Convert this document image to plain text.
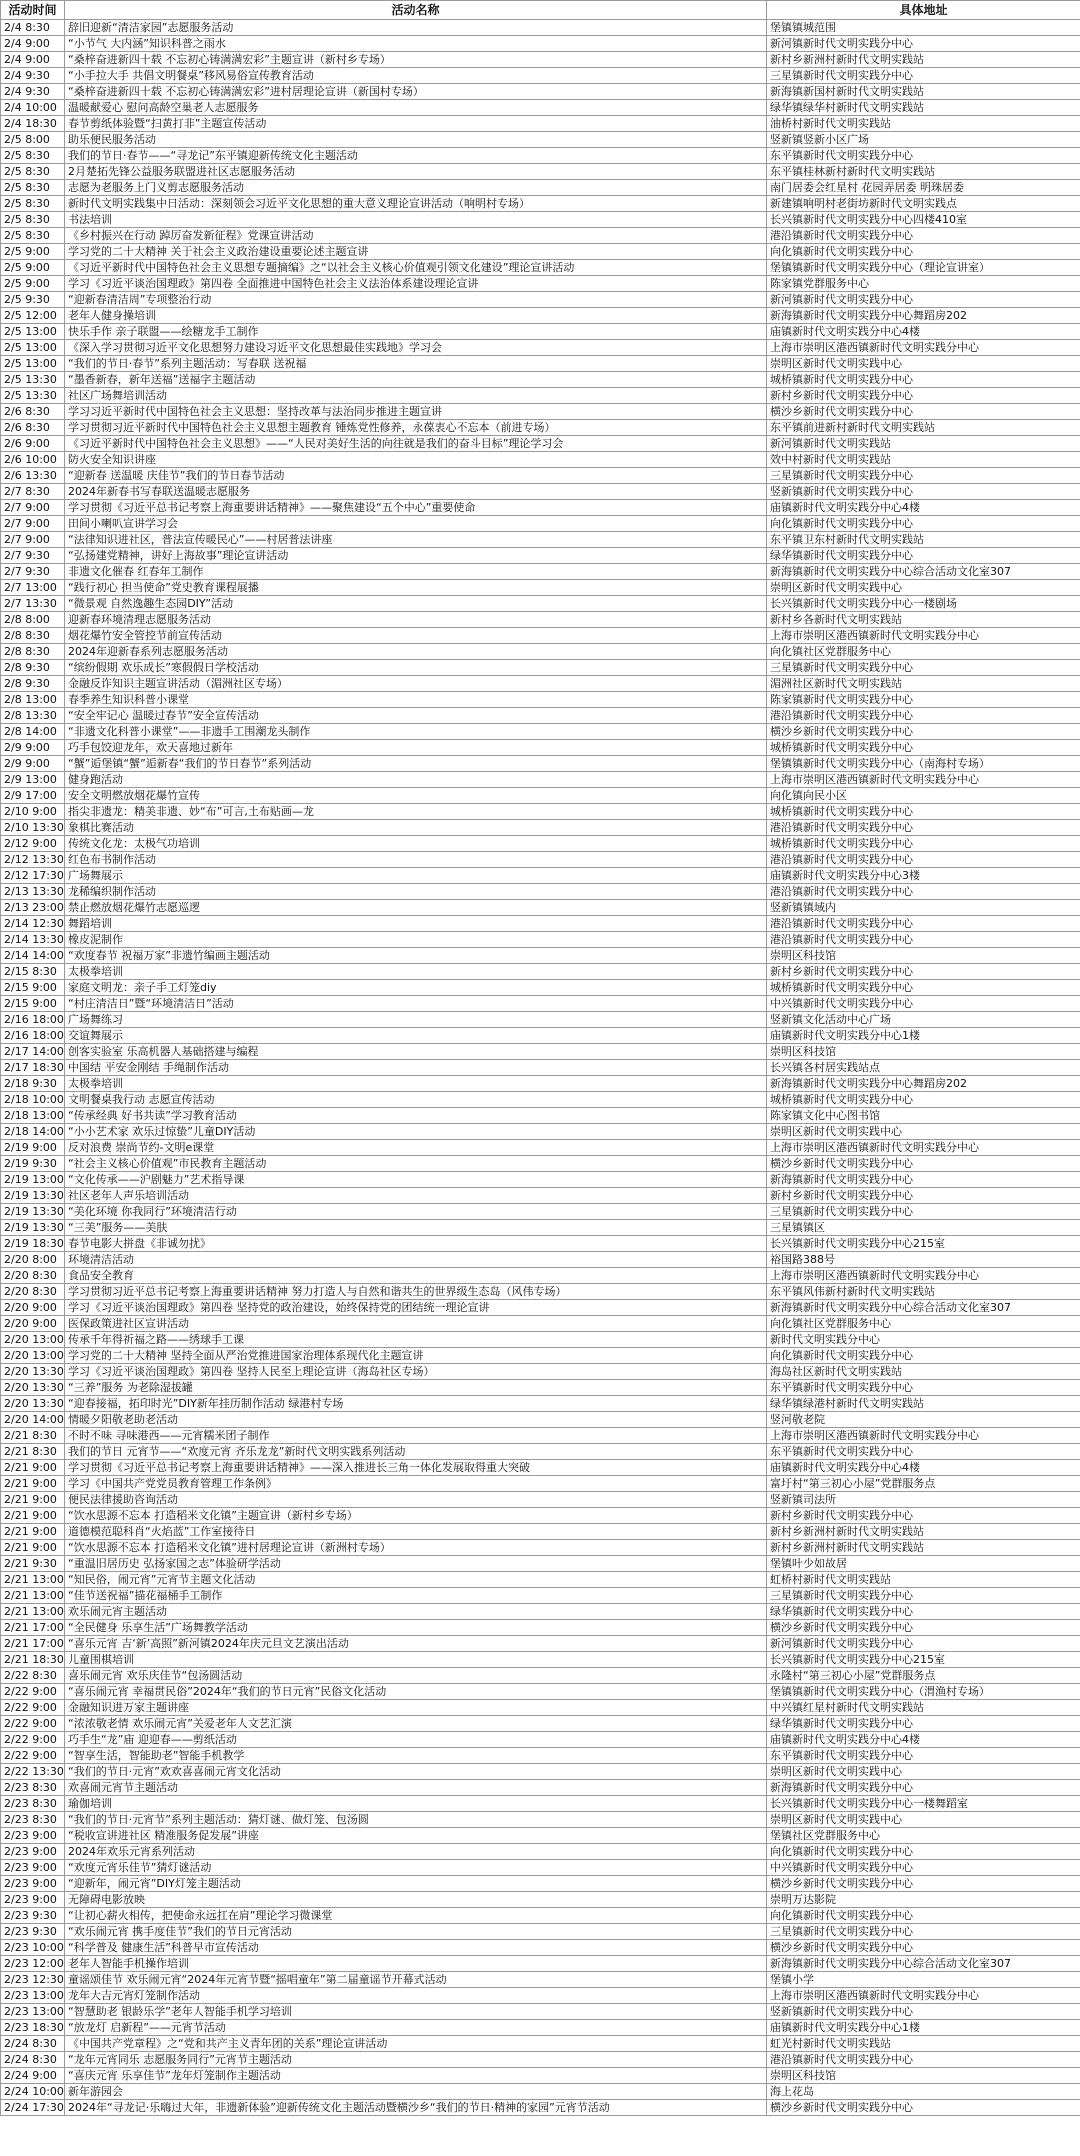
活动时间	活动名称	具体地址
2/4 8:30	辞旧迎新“清洁家园”志愿服务活动	堡镇镇城范围
2/4 9:00	“小节气 大内涵”知识科普之雨水	新河镇新时代文明实践分中心
2/4 9:00	“桑梓奋进新四十载 不忘初心铸满满宏彩”主题宣讲（新村乡专场）	新村乡新洲村新时代文明实践站
2/4 9:30	“小手拉大手 共倡文明餐桌”移风易俗宣传教育活动	三星镇新时代文明实践分中心
2/4 9:30	“桑梓奋进新四十载 不忘初心铸满满宏彩”进村居理论宣讲（新国村专场）	新海镇新国村新时代文明实践站
2/4 10:00	温暖献爱心 慰问高龄空巢老人志愿服务	绿华镇绿华村新时代文明实践站
2/4 18:30	春节剪纸体验暨“扫黄打非”主题宣传活动	油桥村新时代文明实践站
2/5 8:00	助乐便民服务活动	竖新镇竖新小区广场
2/5 8:30	我们的节日·春节——“寻龙记”东平镇迎新传统文化主题活动	东平镇新时代文明实践分中心
2/5 8:30	2月楚拓先锋公益服务联盟进社区志愿服务活动	东平镇桂林新村新时代文明实践站
2/5 8:30	志愿为老服务上门义剪志愿服务活动	南门居委会红星村 花园弄居委 明珠居委
2/5 8:30	新时代文明实践集中日活动：深刻领会习近平文化思想的重大意义理论宣讲活动（响明村专场）	新建镇响明村老街坊新时代文明实践点
2/5 8:30	书法培训	长兴镇新时代文明实践分中心四楼410室
2/5 8:30	《乡村振兴在行动 踔厉奋发新征程》党课宣讲活动	港沿镇新时代文明实践分中心
2/5 9:00	学习党的二十大精神 关于社会主义政治建设重要论述主题宣讲	向化镇新时代文明实践分中心
2/5 9:00	《习近平新时代中国特色社会主义思想专题摘编》之“以社会主义核心价值观引领文化建设”理论宣讲活动	堡镇镇新时代文明实践分中心（理论宣讲室）
2/5 9:00	学习《习近平谈治国理政》第四卷 全面推进中国特色社会主义法治体系建设理论宣讲	陈家镇党群服务中心
2/5 9:30	“迎新春清洁周”专项整治行动	新河镇新时代文明实践分中心
2/5 12:00	老年人健身操培训	新海镇新时代文明实践分中心舞蹈房202
2/5 13:00	快乐手作 亲子联盟——绘糖龙手工制作	庙镇新时代文明实践分中心4楼
2/5 13:00	《深入学习贯彻习近平文化思想努力建设习近平文化思想最佳实践地》学习会	上海市崇明区港西镇新时代文明实践分中心
2/5 13:00	“我们的节日·春节”系列主题活动：写春联 送祝福	崇明区新时代文明实践中心
2/5 13:30	“墨香新春，新年送福”送福字主题活动	城桥镇新时代文明实践分中心
2/5 13:30	社区广场舞培训活动	新村乡新时代文明实践分中心
2/6 8:30	学习习近平新时代中国特色社会主义思想：坚持改革与法治同步推进主题宣讲	横沙乡新时代文明实践分中心
2/6 8:30	学习贯彻习近平新时代中国特色社会主义思想主题教育 锤炼党性修养，永葆衷心不忘本（前进专场）	东平镇前进新村新时代文明实践站
2/6 9:00	《习近平新时代中国特色社会主义思想》——“人民对美好生活的向往就是我们的奋斗目标”理论学习会	新河镇新时代文明实践站
2/6 10:00	防火安全知识讲座	效中村新时代文明实践站
2/6 13:30	“迎新春 送温暖 庆佳节”我们的节日春节活动	三星镇新时代文明实践分中心
2/7 8:30	2024年新春书写春联送温暖志愿服务	竖新镇新时代文明实践分中心
2/7 9:00	学习贯彻《习近平总书记考察上海重要讲话精神》——聚焦建设“五个中心”重要使命	庙镇新时代文明实践分中心4楼
2/7 9:00	田间小喇叭宣讲学习会	向化镇新时代文明实践分中心
2/7 9:00	“法律知识进社区，普法宣传暖民心”——村居普法讲座	东平镇卫东村新时代文明实践站
2/7 9:30	“弘扬建党精神，讲好上海故事”理论宣讲活动	绿华镇新时代文明实践分中心
2/7 9:30	非遗文化催春 红春年工制作	新海镇新时代文明实践分中心综合活动文化室307
2/7 13:00	“践行初心 担当使命”党史教育课程展播	崇明区新时代文明实践中心
2/7 13:30	“微景观 自然逸趣生态园DIY”活动	长兴镇新时代文明实践分中心一楼剧场
2/8 8:00	迎新春环境清理志愿服务活动	新村乡各新时代文明实践站
2/8 8:30	烟花爆竹安全管控节前宣传活动	上海市崇明区港西镇新时代文明实践分中心
2/8 8:30	2024年迎新春系列志愿服务活动	向化镇社区党群服务中心
2/8 9:30	“缤纷假期 欢乐成长”寒假假日学校活动	三星镇新时代文明实践分中心
2/8 9:30	金融反诈知识主题宣讲活动（湄洲社区专场）	湄洲社区新时代文明实践站
2/8 13:00	春季养生知识科普小课堂	陈家镇新时代文明实践分中心
2/8 13:30	“安全牢记心 温暖过春节”安全宣传活动	港沿镇新时代文明实践分中心
2/8 14:00	“非遗文化科普小课堂”——非遗手工围潮龙头制作	横沙乡新时代文明实践分中心
2/9 9:00	巧手包饺迎龙年，欢天喜地过新年	城桥镇新时代文明实践分中心
2/9 9:00	“蟹”逅堡镇“蟹”逅新春“我们的节日春节”系列活动	堡镇镇新时代文明实践分中心（南海村专场）
2/9 13:00	健身跑活动	上海市崇明区港西镇新时代文明实践分中心
2/9 17:00	安全文明燃放烟花爆竹宣传	向化镇向民小区
2/10 9:00	指尖非遗龙：精美非遗、妙“布”可言,土布贴画—龙	城桥镇新时代文明实践分中心
2/10 13:30	象棋比赛活动	港沿镇新时代文明实践分中心
2/12 9:00	传统文化龙：太极气功培训	城桥镇新时代文明实践分中心
2/12 13:30	红色布书制作活动	港沿镇新时代文明实践分中心
2/12 17:30	广场舞展示	庙镇新时代文明实践分中心3楼
2/13 13:30	龙稀编织制作活动	港沿镇新时代文明实践分中心
2/13 23:00	禁止燃放烟花爆竹志愿巡逻	竖新镇镇域内
2/14 12:30	舞蹈培训	港沿镇新时代文明实践分中心
2/14 13:30	橡皮泥制作	港沿镇新时代文明实践分中心
2/14 14:00	“欢度春节 祝福万家”非遗竹编画主题活动	崇明区科技馆
2/15 8:30	太极拳培训	新村乡新时代文明实践分中心
2/15 9:00	家庭文明龙：亲子手工灯笼diy	城桥镇新时代文明实践分中心
2/15 9:00	“村庄清洁日”暨“环境清洁日”活动	中兴镇新时代文明实践分中心
2/16 18:00	广场舞练习	竖新镇文化活动中心广场
2/16 18:00	交谊舞展示	庙镇新时代文明实践分中心1楼
2/17 14:00	创客实验室 乐高机器人基础搭建与编程	崇明区科技馆
2/17 18:30	中国结 平安金刚结 手绳制作活动	长兴镇各村居实践站点
2/18 9:30	太极拳培训	新海镇新时代文明实践分中心舞蹈房202
2/18 10:00	文明餐桌我行动 志愿宣传活动	城桥镇新时代文明实践分中心
2/18 13:00	“传承经典 好书共读”学习教育活动	陈家镇文化中心图书馆
2/18 14:00	“小小艺术家 欢乐过惊蛰”儿童DIY活动	崇明区新时代文明实践中心
2/19 9:00	反对浪费 崇尚节约-文明e课堂	上海市崇明区港西镇新时代文明实践分中心
2/19 9:30	“社会主义核心价值观”市民教育主题活动	横沙乡新时代文明实践分中心
2/19 13:00	“文化传承——沪剧魅力”艺术指导课	新海镇新时代文明实践分中心
2/19 13:30	社区老年人声乐培训活动	新村乡新时代文明实践分中心
2/19 13:30	“美化环境 你我同行”环境清洁行动	三星镇新时代文明实践分中心
2/19 13:30	“三美”服务——美肤	三星镇镇区
2/19 18:30	春节电影大拼盘《非诚勿扰》	长兴镇新时代文明实践分中心215室
2/20 8:00	环境清洁活动	裕国路388号
2/20 8:30	食品安全教育	上海市崇明区港西镇新时代文明实践分中心
2/20 8:30	学习贯彻习近平总书记考察上海重要讲话精神 努力打造人与自然和谐共生的世界级生态岛（风伟专场）	东平镇风伟新村新时代文明实践站
2/20 9:00	学习《习近平谈治国理政》第四卷 坚持党的政治建设，始终保持党的团结统一理论宣讲	新海镇新时代文明实践分中心综合活动文化室307
2/20 9:00	医保政策进社区宣讲活动	向化镇社区党群服务中心
2/20 13:00	传承千年得祈福之路——绣球手工课	新时代文明实践分中心
2/20 13:00	学习党的二十大精神 坚持全面从严治党推进国家治理体系现代化主题宣讲	向化镇新时代文明实践分中心
2/20 13:30	学习《习近平谈治国理政》第四卷 坚持人民至上理论宣讲（海岛社区专场）	海岛社区新时代文明实践站
2/20 13:30	“三养”服务 为老除湿拔罐	东平镇新时代文明实践分中心
2/20 13:30	“迎春接福，拓印时光”DIY新年挂历制作活动 绿港村专场	绿华镇绿港村新时代文明实践站
2/20 14:00	情暖夕阳敬老助老活动	竖河敬老院
2/21 8:30	不时不味 寻味港西——元宵糯米团子制作	上海市崇明区港西镇新时代文明实践分中心
2/21 8:30	我们的节日 元宵节——“欢度元宵 齐乐龙龙”新时代文明实践系列活动	东平镇新时代文明实践分中心
2/21 9:00	学习贯彻《习近平总书记考察上海重要讲话精神》——深入推进长三角一体化发展取得重大突破	庙镇新时代文明实践分中心4楼
2/21 9:00	学习《中国共产党党员教育管理工作条例》	富圩村“第三初心小屋”党群服务点
2/21 9:00	便民法律援助咨询活动	竖新镇司法所
2/21 9:00	“饮水思源不忘本 打造稻米文化镇”主题宣讲（新村乡专场）	新村乡新时代文明实践分中心
2/21 9:00	道德模范聪科肖“火焰蓝”工作室接待日	新村乡新洲村新时代文明实践站
2/21 9:00	“饮水思源不忘本 打造稻米文化镇”进村居理论宣讲（新洲村专场）	新村乡新洲村新时代文明实践站
2/21 9:30	“重温旧居历史 弘扬家国之志”体验研学活动	堡镇叶少如故居
2/21 13:00	“知民俗，闹元宵”元宵节主题文化活动	虹桥村新时代文明实践站
2/21 13:00	“佳节送祝福”描花福桶手工制作	三星镇新时代文明实践分中心
2/21 13:00	欢乐闹元宵主题活动	绿华镇新时代文明实践分中心
2/21 17:00	“全民健身 乐享生活”广场舞教学活动	横沙乡新时代文明实践分中心
2/21 17:00	“喜乐元宵 吉‘新’高照”新河镇2024年庆元旦文艺演出活动	新河镇新时代文明实践分中心
2/21 18:30	儿童围棋培训	长兴镇新时代文明实践分中心215室
2/22 8:30	喜乐闹元宵 欢乐庆佳节“包汤圆活动	永隆村“第三初心小屋”党群服务点
2/22 9:00	“喜乐闹元宵 幸福贯民俗”2024年“我们的节日元宵”民俗文化活动	堡镇镇新时代文明实践分中心（渭渔村专场）
2/22 9:00	金融知识进万家主题讲座	中兴镇红星村新时代文明实践站
2/22 9:00	“浓浓敬老情 欢乐闹元宵”关爱老年人文艺汇演	绿华镇新时代文明实践分中心
2/22 9:00	巧手生“龙”庙 迎迎春——剪纸活动	庙镇新时代文明实践分中心4楼
2/22 9:00	“智享生活，智能助老”智能手机教学	东平镇新时代文明实践分中心
2/22 13:30	“我们的节日·元宵”欢欢喜喜闹元宵文化活动	崇明区新时代文明实践中心
2/23 8:30	欢喜闹元宵节主题活动	新海镇新时代文明实践分中心
2/23 8:30	瑜伽培训	长兴镇新时代文明实践分中心一楼舞蹈室
2/23 8:30	“我们的节日·元宵节”系列主题活动：猜灯谜、做灯笼、包汤圆	崇明区新时代文明实践中心
2/23 9:00	“税收宣讲进社区 精准服务促发展”讲座	堡镇社区党群服务中心
2/23 9:00	2024年欢乐元宵系列活动	向化镇新时代文明实践分中心
2/23 9:00	“欢度元宵乐佳节”猜灯谜活动	中兴镇新时代文明实践分中心
2/23 9:00	“迎新年，闹元宵”DIY灯笼主题活动	横沙乡新时代文明实践分中心
2/23 9:00	无障碍电影放映	崇明万达影院
2/23 9:30	“让初心薪火相传，把使命永远扛在肩”理论学习微课堂	向化镇新时代文明实践分中心
2/23 9:30	“欢乐闹元宵 携手度佳节”我们的节日元宵活动	三星镇新时代文明实践分中心
2/23 10:00	“科学普及 健康生活”科普早市宣传活动	横沙乡新时代文明实践分中心
2/23 12:00	老年人智能手机操作培训	新海镇新时代文明实践分中心综合活动文化室307
2/23 12:30	童谣颂佳节 欢乐闹元宵“2024年元宵节暨“摇唱童年”第二届童谣节开幕式活动	堡镇小学
2/23 13:00	龙年大吉元宵灯笼制作活动	上海市崇明区港西镇新时代文明实践分中心
2/23 13:00	“智慧助老 银龄乐学”老年人智能手机学习培训	竖新镇新时代文明实践分中心
2/23 18:30	“放龙灯 启新程”——元宵节活动	庙镇新时代文明实践分中心1楼
2/24 8:30	《中国共产党章程》之“党和共产主义青年团的关系”理论宣讲活动	虹光村新时代文明实践站
2/24 8:30	“龙年元宵同乐 志愿服务同行”元宵节主题活动	港沿镇新时代文明实践分中心
2/24 9:00	“喜庆元宵 乐享佳节”龙年灯笼制作主题活动	崇明区科技馆
2/24 10:00	新年游园会	海上花岛
2/24 17:30	2024年“寻龙记·乐嗨过大年，非遗新体验”迎新传统文化主题活动暨横沙乡“我们的节日·精神的家园”元宵节活动	横沙乡新时代文明实践分中心
